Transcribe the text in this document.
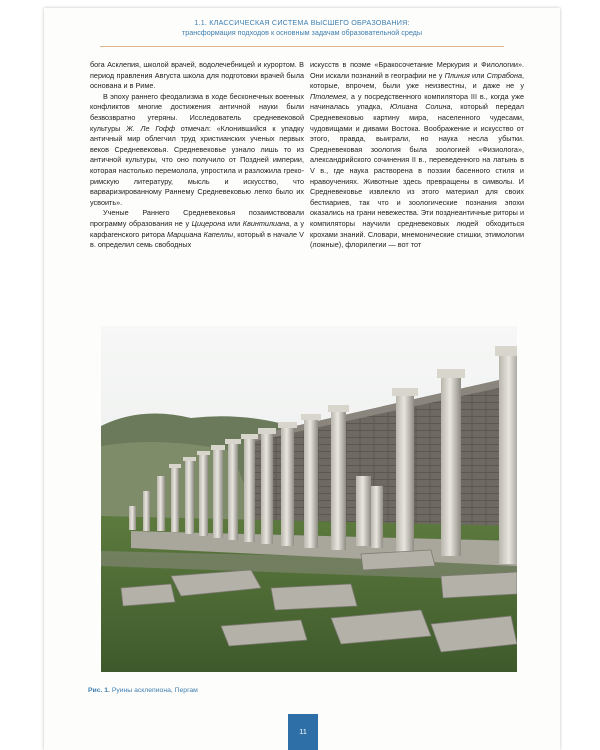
1.1. КЛАССИЧЕСКАЯ СИСТЕМА ВЫСШЕГО ОБРАЗОВАНИЯ:
трансформация подходов к основным задачам образовательной среды

бога Асклепия, школой врачей, водолечебницей и курортом. В период правления Августа школа для подготовки врачей была основана и в Риме.

В эпоху раннего феодализма в ходе бесконечных военных конфликтов многие достижения античной науки были безвозвратно утеряны. Исследователь средневековой культуры Ж. Ле Гофф отмечал: «Клонившийся к упадку античный мир облегчил труд христианских ученых первых веков Средневековья. Средневековье узнало лишь то из античной культуры, что оно получило от Поздней империи, которая настолько перемолола, упростила и разложила греко-римскую литературу, мысль и искусство, что варваризированному Раннему Средневековью легко было их усвоить».

Ученые Раннего Средневековья позаимствовали программу образования не у Цицерона или Квинтилиана, а у карфагенского ритора Марциана Капеллы, который в начале V в. определил семь свободных

искусств в поэме «Бракосочетание Меркурия и Филологии». Они искали познаний в географии не у Плиния или Страбона, которые, впрочем, были уже неизвестны, и даже не у Птолемея, а у посредственного компилятора III в., когда уже начиналась упадка, Юлиана Солина, который передал Средневековью картину мира, населенного чудесами, чудовищами и дивами Востока. Воображение и искусство от этого, правда, выиграли, но наука несла убытки. Средневековая зоология была зоологией «Физиолога», александрийского сочинения II в., переведенного на латынь в V в., где наука растворена в поэзии басенного стиля и нравоучениях. Животные здесь превращены в символы. И Средневековье извлекло из этого материал для своих бестиариев, так что и зоологические познания эпохи оказались на грани невежества. Эти позднеантичные риторы и компиляторы научили средневековых людей обходиться крохами знаний. Словари, мнемонические стишки, этимологии (ложные), флорилегии — вот тот

Рис. 1. Руины асклепиона, Пергам
11
